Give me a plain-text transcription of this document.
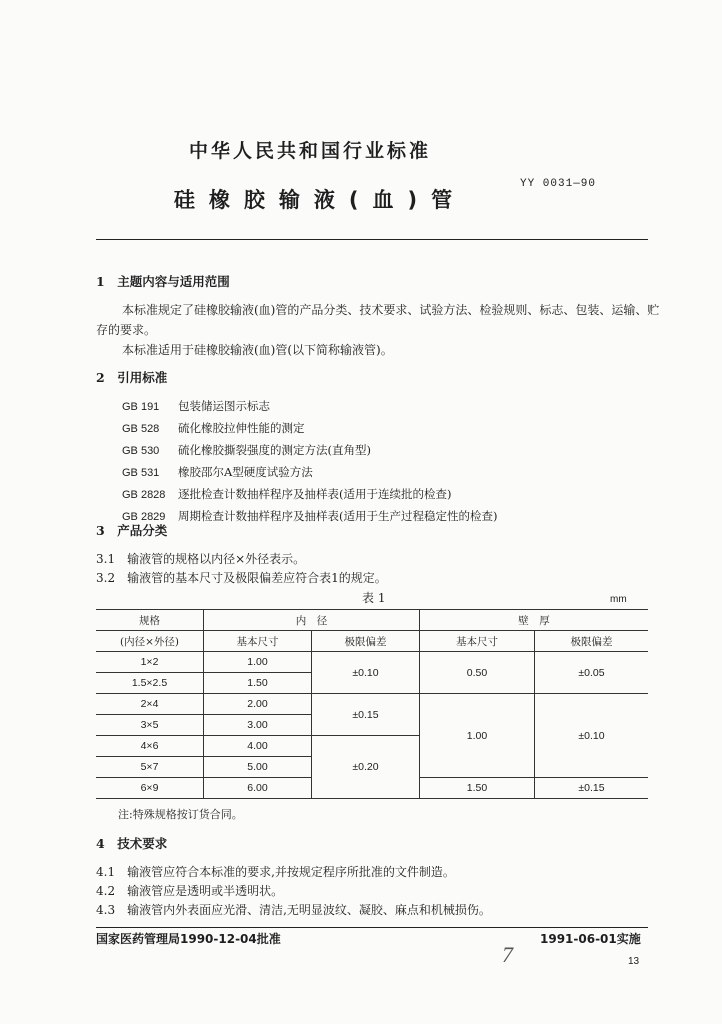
中华人民共和国行业标准
硅橡胶输液(血)管
YY 0031—90
1　主题内容与适用范围
本标准规定了硅橡胶输液(血)管的产品分类、技术要求、试验方法、检验规则、标志、包装、运输、贮
存的要求。
本标准适用于硅橡胶输液(血)管(以下简称输液管)。
2　引用标准
GB 191 包装储运图示标志
GB 528 硫化橡胶拉伸性能的测定
GB 530 硫化橡胶撕裂强度的测定方法(直角型)
GB 531 橡胶邵尔A型硬度试验方法
GB 2828 逐批检查计数抽样程序及抽样表(适用于连续批的检查)
GB 2829 周期检查计数抽样程序及抽样表(适用于生产过程稳定性的检查)
3　产品分类
3.1　输液管的规格以内径×外径表示。
3.2　输液管的基本尺寸及极限偏差应符合表1的规定。
表 1	mm
规格	内　径		壁　厚	
(内径×外径)	基本尺寸	极限偏差	基本尺寸	极限偏差
1×2	1.00	±0.10	0.50	±0.05
1.5×2.5	1.50			
2×4	2.00	±0.15	1.00	±0.10
3×5	3.00			
4×6	4.00	±0.20		
5×7	5.00			
6×9	6.00		1.50	±0.15
注:特殊规格按订货合同。
4　技术要求
4.1　输液管应符合本标准的要求,并按规定程序所批准的文件制造。
4.2　输液管应是透明或半透明状。
4.3　输液管内外表面应光滑、清洁,无明显波纹、凝胶、麻点和机械损伤。
国家医药管理局1990-12-04批准	1991-06-01实施
7	13
